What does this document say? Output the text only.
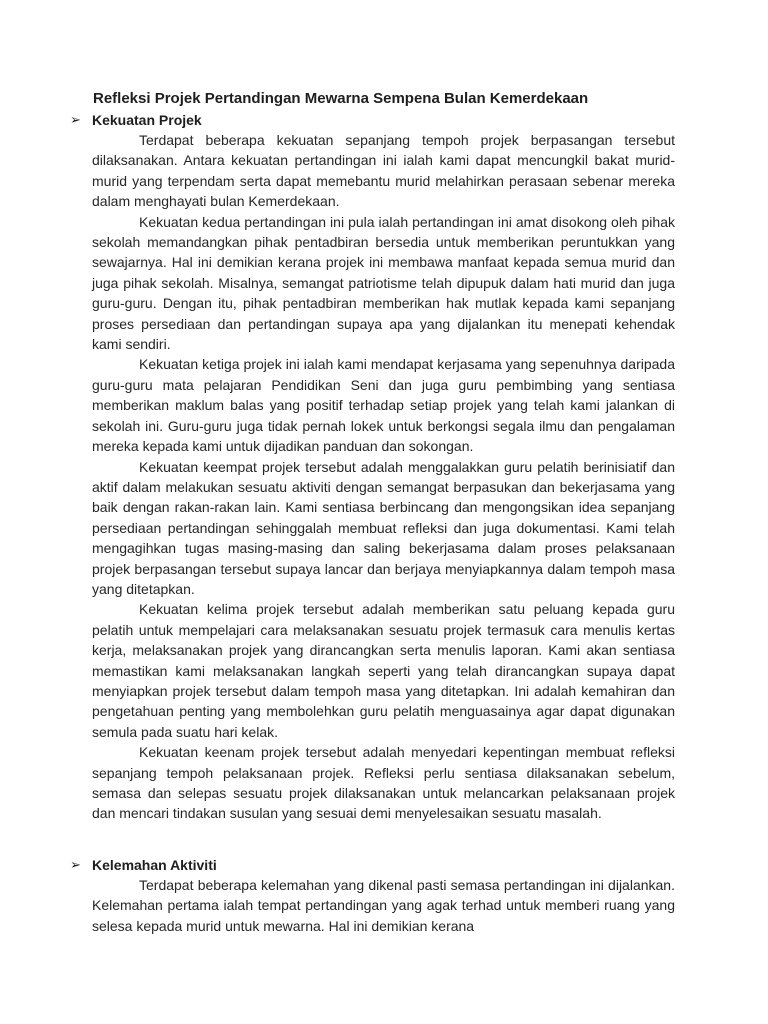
Refleksi Projek Pertandingan Mewarna Sempena Bulan Kemerdekaan
➢ Kekuatan Projek

Terdapat beberapa kekuatan sepanjang tempoh projek berpasangan tersebut dilaksanakan. Antara kekuatan pertandingan ini ialah kami dapat mencungkil bakat murid-murid yang terpendam serta dapat memebantu murid melahirkan perasaan sebenar mereka dalam menghayati bulan Kemerdekaan.

Kekuatan kedua pertandingan ini pula ialah pertandingan ini amat disokong oleh pihak sekolah memandangkan pihak pentadbiran bersedia untuk memberikan peruntukkan yang sewajarnya. Hal ini demikian kerana projek ini membawa manfaat kepada semua murid dan juga pihak sekolah. Misalnya, semangat patriotisme telah dipupuk dalam hati murid dan juga guru-guru. Dengan itu, pihak pentadbiran memberikan hak mutlak kepada kami sepanjang proses persediaan dan pertandingan supaya apa yang dijalankan itu menepati kehendak kami sendiri.

Kekuatan ketiga projek ini ialah kami mendapat kerjasama yang sepenuhnya daripada guru-guru mata pelajaran Pendidikan Seni dan juga guru pembimbing yang sentiasa memberikan maklum balas yang positif terhadap setiap projek yang telah kami jalankan di sekolah ini. Guru-guru juga tidak pernah lokek untuk berkongsi segala ilmu dan pengalaman mereka kepada kami untuk dijadikan panduan dan sokongan.

Kekuatan keempat projek tersebut adalah menggalakkan guru pelatih berinisiatif dan aktif dalam melakukan sesuatu aktiviti dengan semangat berpasukan dan bekerjasama yang baik dengan rakan-rakan lain. Kami sentiasa berbincang dan mengongsikan idea sepanjang persediaan pertandingan sehinggalah membuat refleksi dan juga dokumentasi. Kami telah mengagihkan tugas masing-masing dan saling bekerjasama dalam proses pelaksanaan projek berpasangan tersebut supaya lancar dan berjaya menyiapkannya dalam tempoh masa yang ditetapkan.

Kekuatan kelima projek tersebut adalah memberikan satu peluang kepada guru pelatih untuk mempelajari cara melaksanakan sesuatu projek termasuk cara menulis kertas kerja, melaksanakan projek yang dirancangkan serta menulis laporan. Kami akan sentiasa memastikan kami melaksanakan langkah seperti yang telah dirancangkan supaya dapat menyiapkan projek tersebut dalam tempoh masa yang ditetapkan. Ini adalah kemahiran dan pengetahuan penting yang membolehkan guru pelatih menguasainya agar dapat digunakan semula pada suatu hari kelak.

Kekuatan keenam projek tersebut adalah menyedari kepentingan membuat refleksi sepanjang tempoh pelaksanaan projek. Refleksi perlu sentiasa dilaksanakan sebelum, semasa dan selepas sesuatu projek dilaksanakan untuk melancarkan pelaksanaan projek dan mencari tindakan susulan yang sesuai demi menyelesaikan sesuatu masalah.

➢ Kelemahan Aktiviti

Terdapat beberapa kelemahan yang dikenal pasti semasa pertandingan ini dijalankan. Kelemahan pertama ialah tempat pertandingan yang agak terhad untuk memberi ruang yang selesa kepada murid untuk mewarna. Hal ini demikian kerana
